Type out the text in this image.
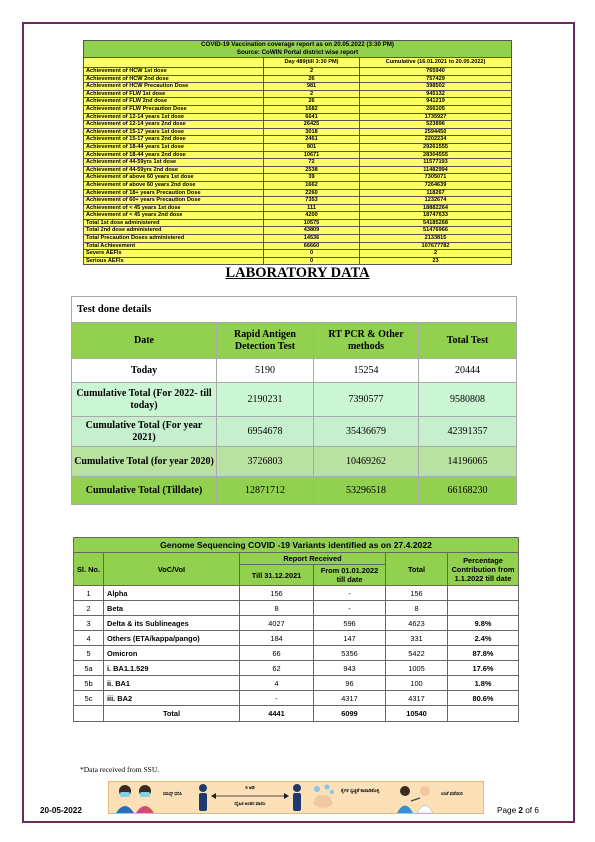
COVID-19 Vaccination coverage report as on 20.05.2022 (3:30 PM)
Source: CoWIN Portal district wise report		

	Day 489(till 3:30 PM)	Cumulative (16.01.2021 to 20.05.2022)
Achievement of HCW 1st dose	2	765940
Achievement of HCW 2nd dose	26	757429
Achievement of HCW Precaution Dose	981	398502
Achievement of FLW 1st dose	2	945132
Achievement of FLW 2nd dose	26	941219
Achievement of FLW Precaution Dose	1682	266105
Achievement of 12-14 years 1st dose	6641	1735927
Achievement of 12-14 years 2nd dose	26425	523896
Achievement of 15-17 years 1st dose	3018	2594450
Achievement of 15-17 years 2nd dose	2461	2202234
Achievement of 18-44 years 1st dose	801	29261555
Achievement of 18-44 years 2nd dose	10671	28304555
Achievement of 44-59yrs 1st dose	72	11577193
Achievement of 44-59yrs 2nd dose	2538	11482994
Achievement of above 60 years 1st dose	39	7305071
Achievement of above 60 years 2nd dose	1662	7264639
Achievement of 18+ years Precaution Dose	2260	118267
Achievement of 60+ years Precaution Dose	7353	1232674
Achievement of < 45 years 1st dose	111	18882264
Achievement of < 45 years 2nd dose	4200	18747633
Total 1st dose administered	10575	54185268
Total 2nd dose administered	43809	51476966
Total Precaution Doses administered	14536	2133815
Total Achievement	66660	107677782
Severe AEFIs	0	2
Serious AEFIs	0	23
LABORATORY DATA
Test done details			
Date	Rapid Antigen Detection Test	RT PCR & Other methods	Total Test
Today	5190	15254	20444
Cumulative Total (For 2022- till today)	2190231	7390577	9580808
Cumulative Total (For year 2021)	6954678	35436679	42391357
Cumulative Total (for year 2020)	3726803	10469262	14196065
Cumulative Total (Tilldate)	12871712	53296518	66168230
Genome Sequencing COVID -19 Variants identified as on 27.4.2022					
Sl. No.	VoC/VoI	Report Received		Total	Percentage Contribution from 1.1.2022 till date
		Till 31.12.2021	From 01.01.2022 till date		
1	Alpha	156	-	156	
2	Beta	8	-	8	
3	Delta & its Sublineages	4027	596	4623	9.8%
4	Others (ETA/kappa/pango)	184	147	331	2.4%
5	Omicron	66	5356	5422	87.8%
5a	i. BA1.1.529	62	943	1005	17.6%
5b	ii. BA1	4	96	100	1.8%
5c	iii. BA2	-	4317	4317	80.6%
	Total	4441	6099	10540	
*Data received from SSU.
ಮಾಸ್ಕ್ ಧರಿಸಿ
6 ಅಡಿ
ದೈಹಿಕ ಅಂತರ ಪಾಲಿಸಿ
ಕೈಗಳ ಸ್ವಚ್ಛತೆ ಕಾಪಾಡಿಕೊಳ್ಳಿ
ಲಸಿಕೆ ಪಡೆಯಿರಿ
20-05-2022	Page 2 of 6
